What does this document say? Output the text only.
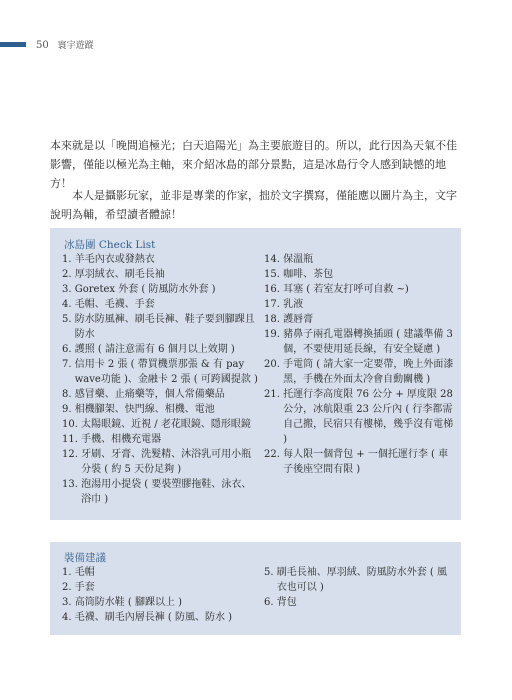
50 寰宇遊蹤
本來就是以「晚間追極光；白天追陽光」為主要旅遊目的。所以，此行因為天氣不佳影響，僅能以極光為主軸，來介紹冰島的部分景點，這是冰島行令人感到缺憾的地方！
本人是攝影玩家，並非是專業的作家，拙於文字撰寫，僅能應以圖片為主，文字說明為輔，希望讀者體諒！
冰島團 Check List
1. 羊毛內衣或發熱衣
2. 厚羽絨衣、刷毛長袖
3. Goretex 外套 ( 防風防水外套 )
4. 毛帽、毛襪、手套
5. 防水防風褲、刷毛長褲、鞋子要到腳踝且防水
6. 護照 ( 請注意需有 6 個月以上效期 )
7. 信用卡 2 張 ( 帶買機票那張 & 有 pay wave功能 )、金融卡 2 張 ( 可跨國提款 )
8. 感冒藥、止痛藥等，個人常備藥品
9. 相機腳架、快門線、相機、電池
10. 太陽眼鏡、近視 / 老花眼鏡、隱形眼鏡
11. 手機、相機充電器
12. 牙刷、牙膏、洗髮精、沐浴乳可用小瓶分裝 ( 約 5 天份足夠 )
13. 泡湯用小提袋 ( 要裝塑膠拖鞋、泳衣、浴巾 )
14. 保溫瓶
15. 咖啡、茶包
16. 耳塞 ( 若室友打呼可自救 ~)
17. 乳液
18. 護唇膏
19. 豬鼻子兩孔電器轉換插頭 ( 建議準備 3 個，不要使用延長線，有安全疑慮 )
20. 手電筒 ( 請大家一定要帶，晚上外面漆黑，手機在外面太冷會自動關機 )
21. 托運行李高度限 76 公分 + 厚度限 28 公分，冰航限重 23 公斤內 ( 行李都需自己搬，民宿只有樓梯，幾乎沒有電梯 )
22. 每人限一個背包 + 一個托運行李 ( 車子後座空間有限 )
裝備建議
1. 毛帽
2. 手套
3. 高筒防水鞋 ( 腳踝以上 )
4. 毛襪、刷毛內層長褲 ( 防風、防水 )
5. 刷毛長袖、厚羽絨、防風防水外套 ( 風衣也可以 )
6. 背包
